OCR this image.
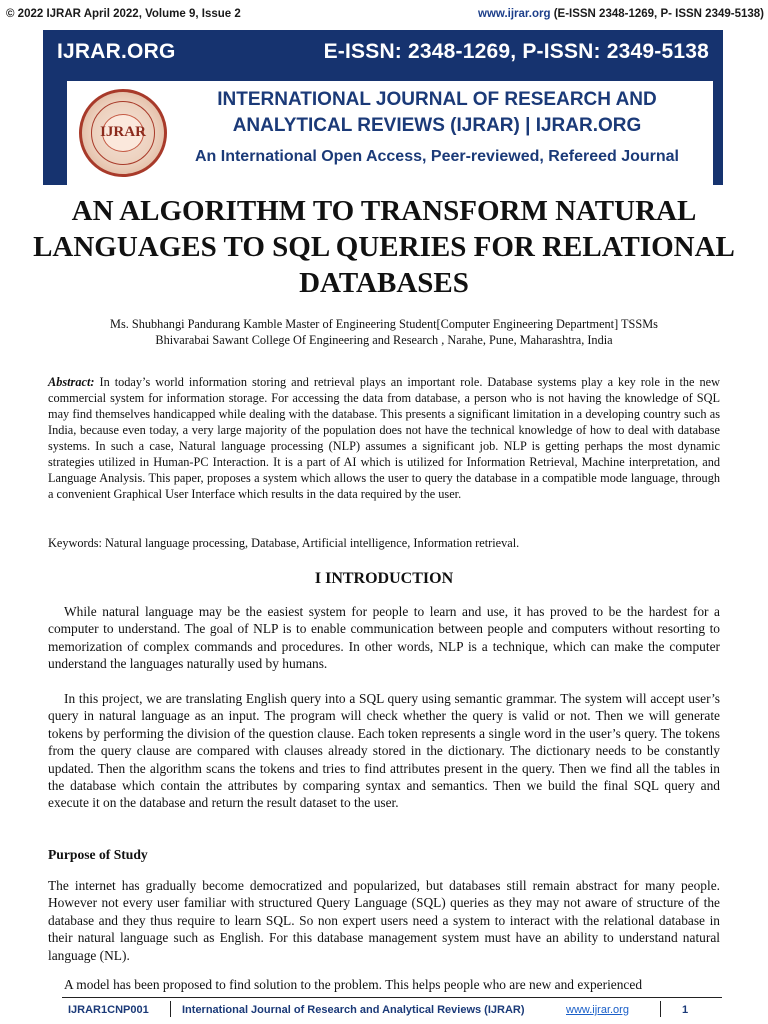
© 2022 IJRAR April 2022, Volume 9, Issue 2	www.ijrar.org (E-ISSN 2348-1269, P- ISSN 2349-5138)
IJRAR.ORG	E-ISSN: 2348-1269, P-ISSN: 2349-5138
IJRAR
INTERNATIONAL JOURNAL OF RESEARCH AND ANALYTICAL REVIEWS (IJRAR) | IJRAR.ORG
An International Open Access, Peer-reviewed, Refereed Journal
AN ALGORITHM TO TRANSFORM NATURAL LANGUAGES TO SQL QUERIES FOR RELATIONAL DATABASES
Ms. Shubhangi Pandurang Kamble Master of Engineering Student[Computer Engineering Department] TSSMs
Bhivarabai Sawant College Of Engineering and Research , Narahe, Pune, Maharashtra, India
Abstract: In today’s world information storing and retrieval plays an important role. Database systems play a key role in the new commercial system for information storage. For accessing the data from database, a person who is not having the knowledge of SQL may find themselves handicapped while dealing with the database. This presents a significant limitation in a developing country such as India, because even today, a very large majority of the population does not have the technical knowledge of how to deal with database systems. In such a case, Natural language processing (NLP) assumes a significant job. NLP is getting perhaps the most dynamic strategies utilized in Human-PC Interaction. It is a part of AI which is utilized for Information Retrieval, Machine interpretation, and Language Analysis. This paper, proposes a system which allows the user to query the database in a compatible mode language, through a convenient Graphical User Interface which results in the data required by the user.
Keywords: Natural language processing, Database, Artificial intelligence, Information retrieval.
I INTRODUCTION

While natural language may be the easiest system for people to learn and use, it has proved to be the hardest for a computer to understand. The goal of NLP is to enable communication between people and computers without resorting to memorization of complex commands and procedures. In other words, NLP is a technique, which can make the computer understand the languages naturally used by humans.

In this project, we are translating English query into a SQL query using semantic grammar. The system will accept user’s query in natural language as an input. The program will check whether the query is valid or not. Then we will generate tokens by performing the division of the question clause. Each token represents a single word in the user’s query. The tokens from the query clause are compared with clauses already stored in the dictionary. The dictionary needs to be constantly updated. Then the algorithm scans the tokens and tries to find attributes present in the query. Then we find all the tables in the database which contain the attributes by comparing syntax and semantics. Then we build the final SQL query and execute it on the database and return the result dataset to the user.

Purpose of Study

The internet has gradually become democratized and popularized, but databases still remain abstract for many people. However not every user familiar with structured Query Language (SQL) queries as they may not aware of structure of the database and they thus require to learn SQL. So non expert users need a system to interact with the relational database in their natural language such as English. For this database management system must have an ability to understand natural language (NL).

A model has been proposed to find solution to the problem. This helps people who are new and experienced

IJRAR1CNP001	International Journal of Research and Analytical Reviews (IJRAR)	www.ijrar.org	1
